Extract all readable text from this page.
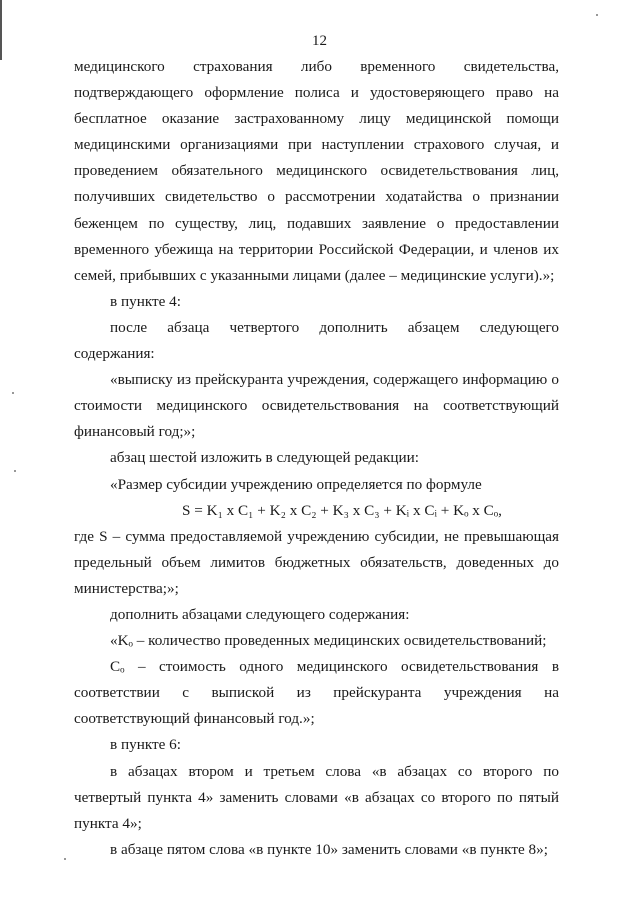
12

медицинского страхования либо временного свидетельства, подтверждающего оформление полиса и удостоверяющего право на бесплатное оказание застрахованному лицу медицинской помощи медицинскими организациями при наступлении страхового случая, и проведением обязательного медицинского освидетельствования лиц, получивших свидетельство о рассмотрении ходатайства о признании беженцем по существу, лиц, подавших заявление о предоставлении временного убежища на территории Российской Федерации, и членов их семей, прибывших с указанными лицами (далее – медицинские услуги).»;

в пункте 4:

после абзаца четвертого дополнить абзацем следующего содержания:

«выписку из прейскуранта учреждения, содержащего информацию о стоимости медицинского освидетельствования на соответствующий финансовый год;»;

абзац шестой изложить в следующей редакции:

«Размер субсидии учреждению определяется по формуле

S = K₁ x C₁ + K₂ x C₂ + K₃ x C₃ + Kᵢ x Cᵢ + Kₒ x Cₒ,

где S – сумма предоставляемой учреждению субсидии, не превышающая предельный объем лимитов бюджетных обязательств, доведенных до министерства;»;

дополнить абзацами следующего содержания:

«Kₒ – количество проведенных медицинских освидетельствований;

Cₒ – стоимость одного медицинского освидетельствования в соответствии с выпиской из прейскуранта учреждения на соответствующий финансовый год.»;

в пункте 6:

в абзацах втором и третьем слова «в абзацах со второго по четвертый пункта 4» заменить словами «в абзацах со второго по пятый пункта 4»;

в абзаце пятом слова «в пункте 10» заменить словами «в пункте 8»;
